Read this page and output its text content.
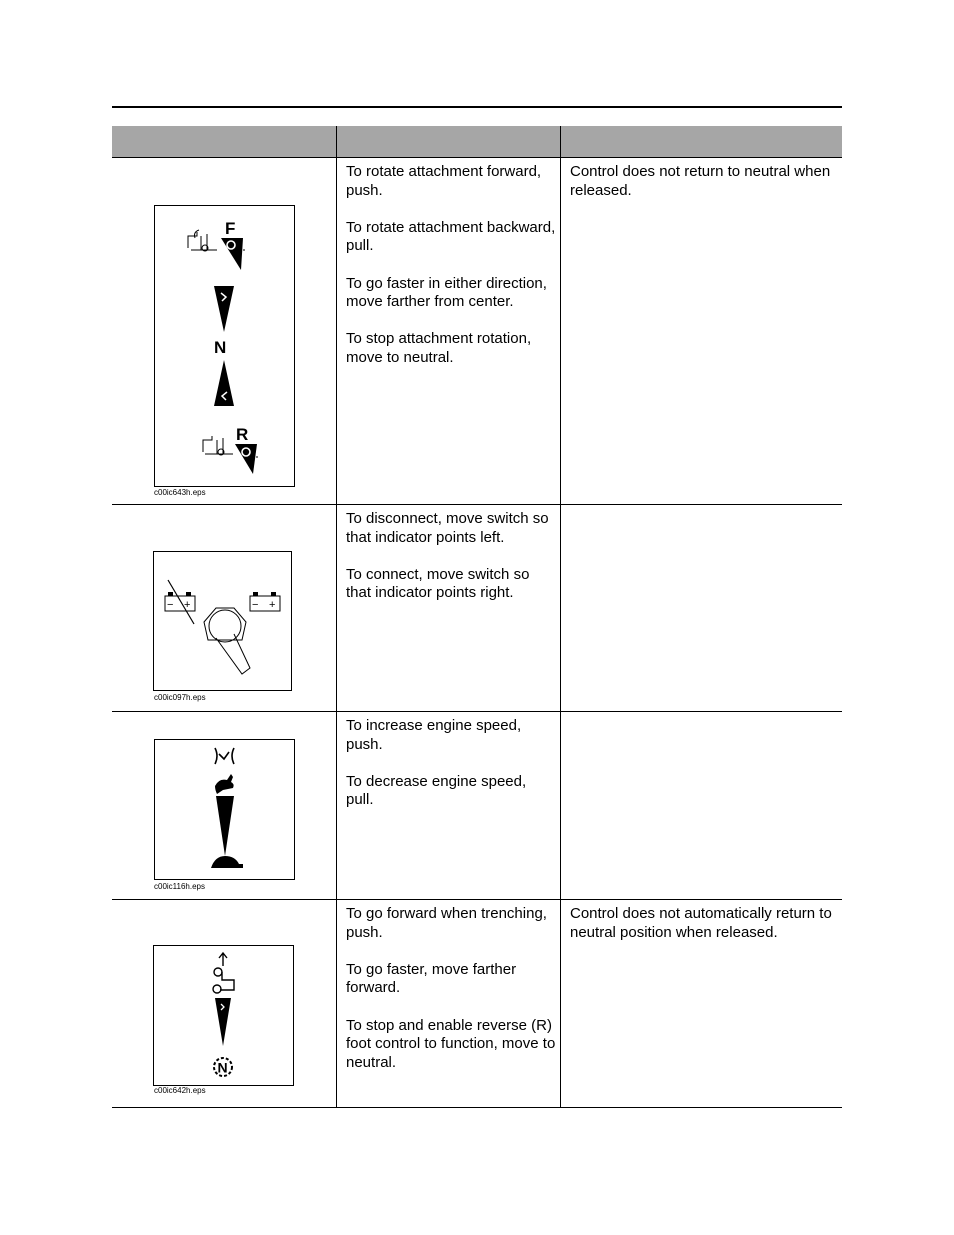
F
N
R
c00ic643h.eps

To rotate attachment forward, push.

To rotate attachment backward, pull.

To go faster in either direction, move farther from center.

To stop attachment rotation, move to neutral.

Control does not return to neutral when released.

− +	− +
c00ic097h.eps

To disconnect, move switch so that indicator points left.

To connect, move switch so that indicator points right.

c00ic116h.eps

To increase engine speed, push.

To decrease engine speed, pull.

N
c00ic642h.eps

To go forward when trenching, push.

To go faster, move farther forward.

To stop and enable reverse (R) foot control to function, move to neutral.

Control does not automatically return to neutral position when released.
